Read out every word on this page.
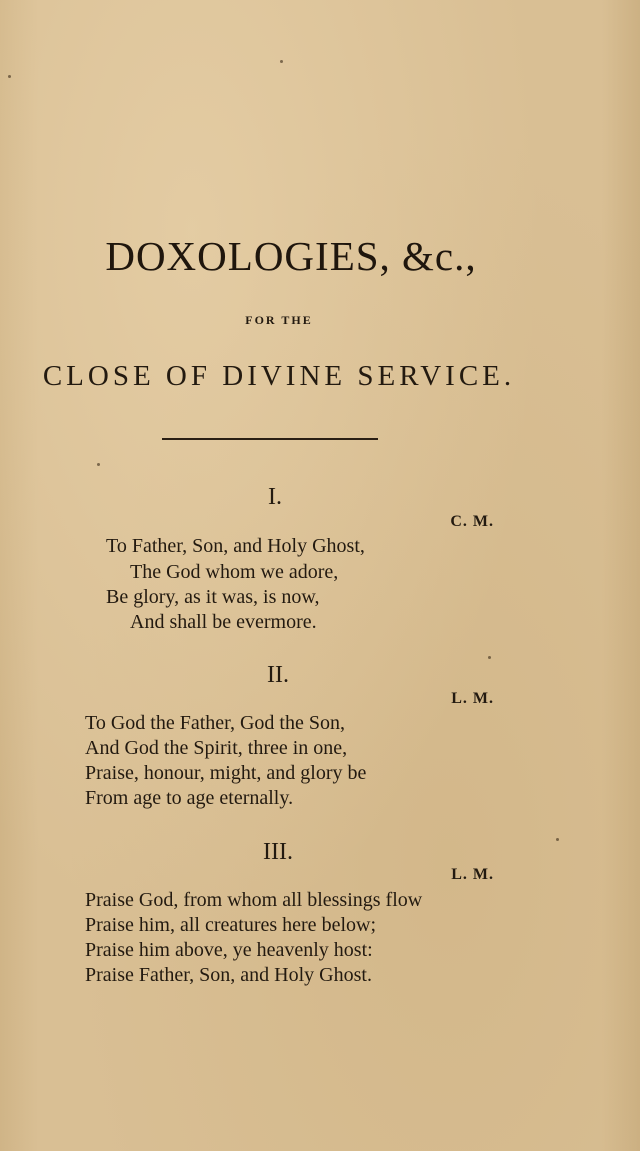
DOXOLOGIES, &c.,
FOR THE
CLOSE OF DIVINE SERVICE.
I.
C. M.
To Father, Son, and Holy Ghost,
The God whom we adore,
Be glory, as it was, is now,
And shall be evermore.
II.
L. M.
To God the Father, God the Son,
And God the Spirit, three in one,
Praise, honour, might, and glory be
From age to age eternally.
III.
L. M.
Praise God, from whom all blessings flow
Praise him, all creatures here below;
Praise him above, ye heavenly host:
Praise Father, Son, and Holy Ghost.
